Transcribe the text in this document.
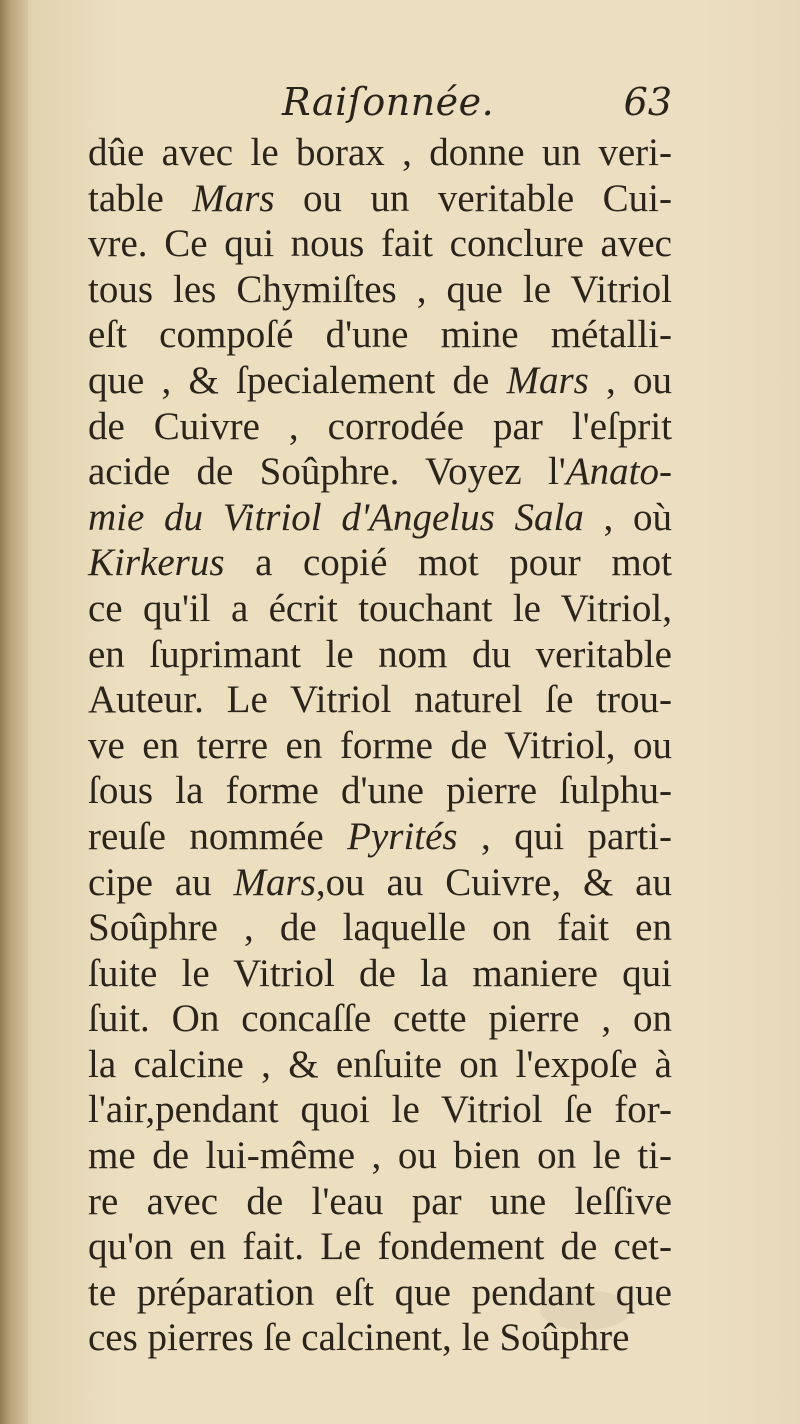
Raiſonnée.	63
dûe avec le borax , donne un veri-
table Mars ou un veritable Cui-
vre. Ce qui nous fait conclure avec
tous les Chymiſtes , que le Vitriol
eſt compoſé d'une mine métalli-
que , & ſpecialement de Mars , ou
de Cuivre , corrodée par l'eſprit
acide de Soûphre. Voyez l'Anato-
mie du Vitriol d'Angelus Sala , où
Kirkerus a copié mot pour mot
ce qu'il a écrit touchant le Vitriol,
en ſuprimant le nom du veritable
Auteur. Le Vitriol naturel ſe trou-
ve en terre en forme de Vitriol, ou
ſous la forme d'une pierre ſulphu-
reuſe nommée Pyrités , qui parti-
cipe au Mars,ou au Cuivre, & au
Soûphre , de laquelle on fait en
ſuite le Vitriol de la maniere qui
ſuit. On concaſſe cette pierre , on
la calcine , & enſuite on l'expoſe à
l'air,pendant quoi le Vitriol ſe for-
me de lui-même , ou bien on le ti-
re avec de l'eau par une leſſive
qu'on en fait. Le fondement de cet-
te préparation eſt que pendant que
ces pierres ſe calcinent, le Soûphre
